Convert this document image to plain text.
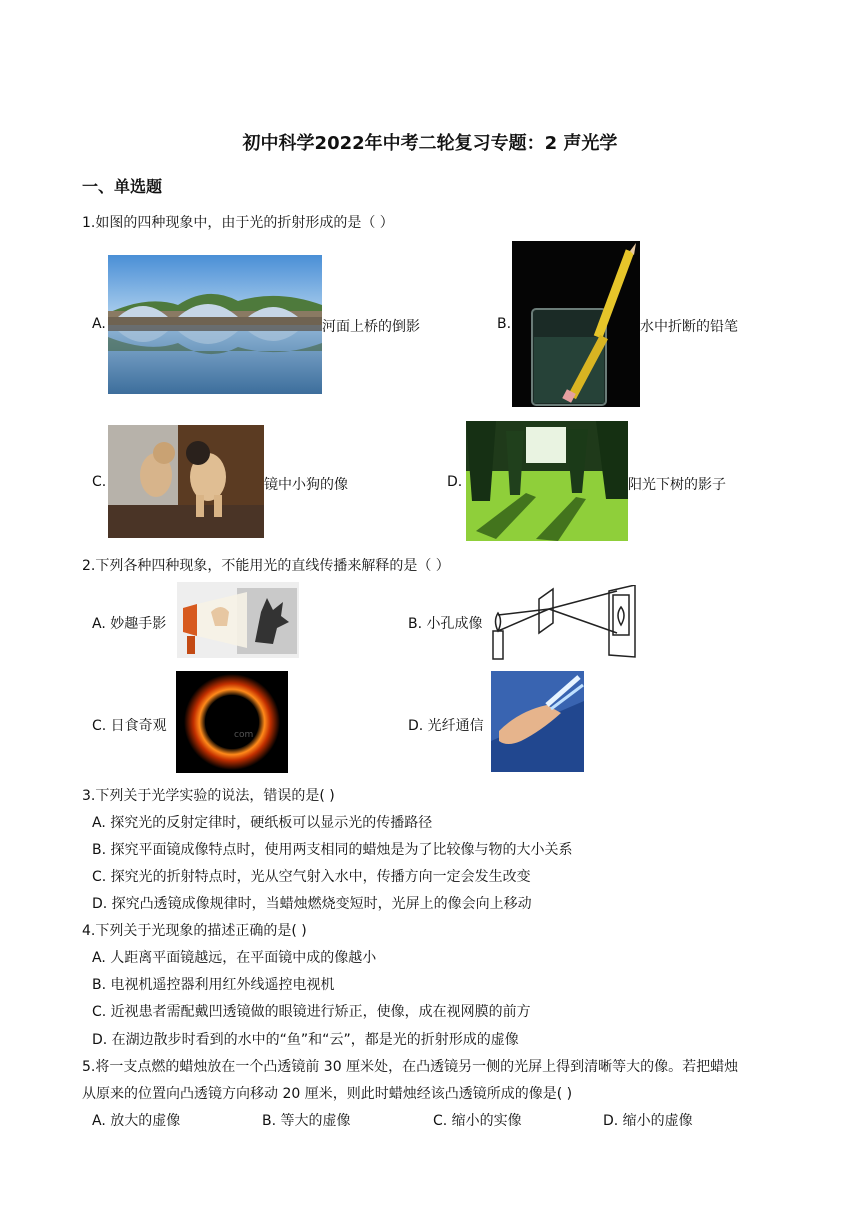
初中科学2022年中考二轮复习专题：2 声光学
一、单选题
1.如图的四种现象中，由于光的折射形成的是（ ）
A.	河面上桥的倒影	B.	水中折断的铅笔
C.	镜中小狗的像	D.	阳光下树的影子
2.下列各种四种现象，不能用光的直线传播来解释的是（ ）
A. 妙趣手影	B. 小孔成像
C. 日食奇观
com
D. 光纤通信
3.下列关于光学实验的说法，错误的是( )
A. 探究光的反射定律时，硬纸板可以显示光的传播路径
B. 探究平面镜成像特点时，使用两支相同的蜡烛是为了比较像与物的大小关系
C. 探究光的折射特点时，光从空气射入水中，传播方向一定会发生改变
D. 探究凸透镜成像规律时，当蜡烛燃烧变短时，光屏上的像会向上移动
4.下列关于光现象的描述正确的是( )
A. 人距离平面镜越远，在平面镜中成的像越小
B. 电视机遥控器利用红外线遥控电视机
C. 近视患者需配戴凹透镜做的眼镜进行矫正，使像，成在视网膜的前方
D. 在湖边散步时看到的水中的“鱼”和“云”，都是光的折射形成的虚像
5.将一支点燃的蜡烛放在一个凸透镜前 30 厘米处，在凸透镜另一侧的光屏上得到清晰等大的像。若把蜡烛
从原来的位置向凸透镜方向移动 20 厘米，则此时蜡烛经该凸透镜所成的像是( )
A. 放大的虚像	B. 等大的虚像	C. 缩小的实像	D. 缩小的虚像
